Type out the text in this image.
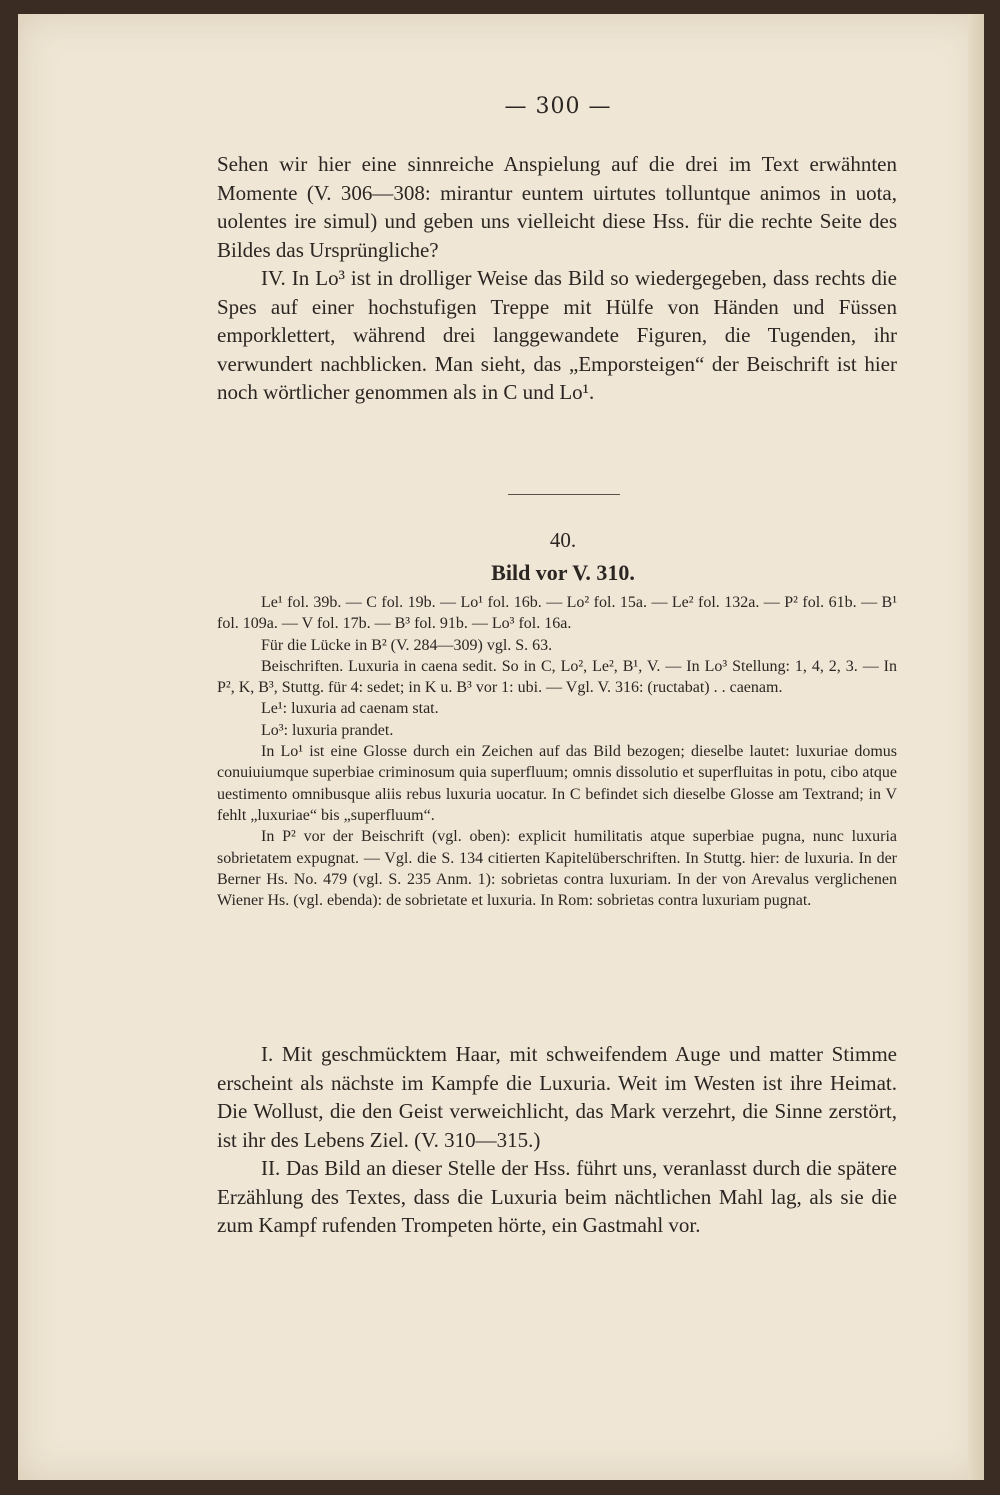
— 300 —

Sehen wir hier eine sinnreiche Anspielung auf die drei im Text erwähnten Momente (V. 306—308: mirantur euntem uirtutes tolluntque animos in uota, uolentes ire simul) und geben uns vielleicht diese Hss. für die rechte Seite des Bildes das Ursprüngliche?

IV. In Lo³ ist in drolliger Weise das Bild so wiedergegeben, dass rechts die Spes auf einer hochstufigen Treppe mit Hülfe von Händen und Füssen emporklettert, während drei langgewandete Figuren, die Tugenden, ihr verwundert nachblicken. Man sieht, das „Emporsteigen“ der Beischrift ist hier noch wörtlicher genommen als in C und Lo¹.

40.
Bild vor V. 310.

Le¹ fol. 39b. — C fol. 19b. — Lo¹ fol. 16b. — Lo² fol. 15a. — Le² fol. 132a. — P² fol. 61b. — B¹ fol. 109a. — V fol. 17b. — B³ fol. 91b. — Lo³ fol. 16a.

Für die Lücke in B² (V. 284—309) vgl. S. 63.

Beischriften. Luxuria in caena sedit. So in C, Lo², Le², B¹, V. — In Lo³ Stellung: 1, 4, 2, 3. — In P², K, B³, Stuttg. für 4: sedet; in K u. B³ vor 1: ubi. — Vgl. V. 316: (ructabat) . . caenam.

Le¹: luxuria ad caenam stat.

Lo³: luxuria prandet.

In Lo¹ ist eine Glosse durch ein Zeichen auf das Bild bezogen; dieselbe lautet: luxuriae domus conuiuiumque superbiae criminosum quia superfluum; omnis dissolutio et superfluitas in potu, cibo atque uestimento omnibusque aliis rebus luxuria uocatur. In C befindet sich dieselbe Glosse am Textrand; in V fehlt „luxuriae“ bis „superfluum“.

In P² vor der Beischrift (vgl. oben): explicit humilitatis atque superbiae pugna, nunc luxuria sobrietatem expugnat. — Vgl. die S. 134 citierten Kapitelüberschriften. In Stuttg. hier: de luxuria. In der Berner Hs. No. 479 (vgl. S. 235 Anm. 1): sobrietas contra luxuriam. In der von Arevalus verglichenen Wiener Hs. (vgl. ebenda): de sobrietate et luxuria. In Rom: sobrietas contra luxuriam pugnat.

I. Mit geschmücktem Haar, mit schweifendem Auge und matter Stimme erscheint als nächste im Kampfe die Luxuria. Weit im Westen ist ihre Heimat. Die Wollust, die den Geist verweichlicht, das Mark verzehrt, die Sinne zerstört, ist ihr des Lebens Ziel. (V. 310—315.)

II. Das Bild an dieser Stelle der Hss. führt uns, veranlasst durch die spätere Erzählung des Textes, dass die Luxuria beim nächtlichen Mahl lag, als sie die zum Kampf rufenden Trompeten hörte, ein Gastmahl vor.
